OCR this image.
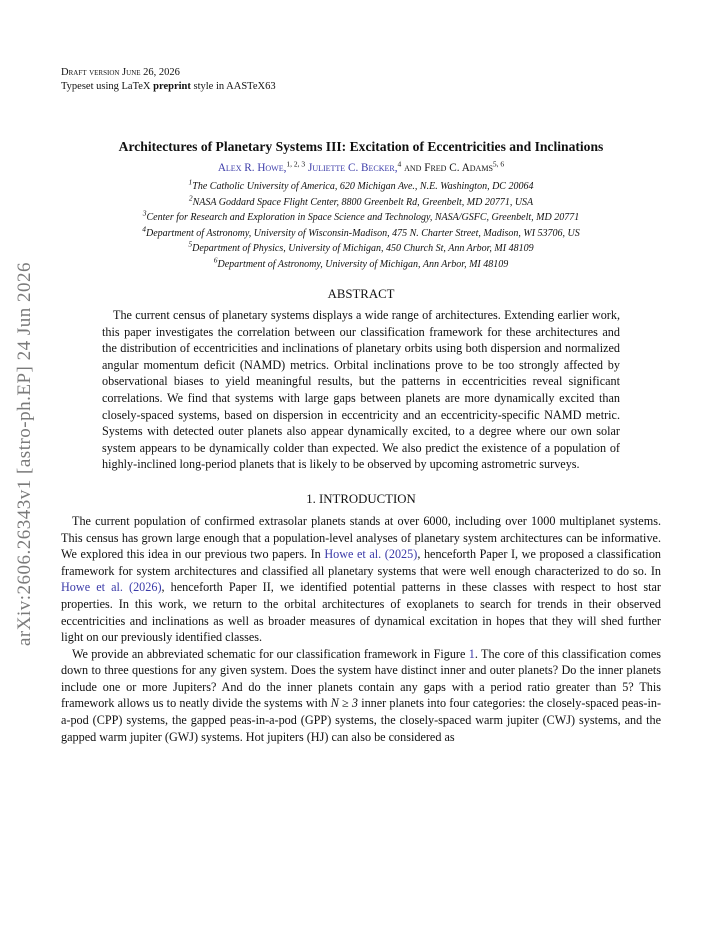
arXiv:2606.26343v1 [astro-ph.EP] 24 Jun 2026
Draft version June 26, 2026
Typeset using LaTeX preprint style in AASTeX63
Architectures of Planetary Systems III: Excitation of Eccentricities and Inclinations
Alex R. Howe,$^{1, 2, 3}$ Juliette C. Becker,$^4$ and Fred C. Adams$^{5, 6}$
$^1$The Catholic University of America, 620 Michigan Ave., N.E. Washington, DC 20064
$^2$NASA Goddard Space Flight Center, 8800 Greenbelt Rd, Greenbelt, MD 20771, USA
$^3$Center for Research and Exploration in Space Science and Technology, NASA/GSFC, Greenbelt, MD 20771
$^4$Department of Astronomy, University of Wisconsin-Madison, 475 N. Charter Street, Madison, WI 53706, US
$^5$Department of Physics, University of Michigan, 450 Church St, Ann Arbor, MI 48109
$^6$Department of Astronomy, University of Michigan, Ann Arbor, MI 48109
ABSTRACT

The current census of planetary systems displays a wide range of architectures. Extending earlier work, this paper investigates the correlation between our classification framework for these architectures and the distribution of eccentricities and inclinations of planetary orbits using both dispersion and normalized angular momentum deficit (NAMD) metrics. Orbital inclinations prove to be too strongly affected by observational biases to yield meaningful results, but the patterns in eccentricities reveal significant correlations. We find that systems with large gaps between planets are more dynamically excited than closely-spaced systems, based on dispersion in eccentricity and an eccentricity-specific NAMD metric. Systems with detected outer planets also appear dynamically excited, to a degree where our own solar system appears to be dynamically colder than expected. We also predict the existence of a population of highly-inclined long-period planets that is likely to be observed by upcoming astrometric surveys.

1. INTRODUCTION

The current population of confirmed extrasolar planets stands at over 6000, including over 1000 multiplanet systems. This census has grown large enough that a population-level analyses of planetary system architectures can be informative. We explored this idea in our previous two papers. In Howe et al. (2025), henceforth Paper I, we proposed a classification framework for system architectures and classified all planetary systems that were well enough characterized to do so. In Howe et al. (2026), henceforth Paper II, we identified potential patterns in these classes with respect to host star properties. In this work, we return to the orbital architectures of exoplanets to search for trends in their observed eccentricities and inclinations as well as broader measures of dynamical excitation in hopes that they will shed further light on our previously identified classes.

We provide an abbreviated schematic for our classification framework in Figure 1. The core of this classification comes down to three questions for any given system. Does the system have distinct inner and outer planets? Do the inner planets include one or more Jupiters? And do the inner planets contain any gaps with a period ratio greater than 5? This framework allows us to neatly divide the systems with N ≥ 3 inner planets into four categories: the closely-spaced peas-in-a-pod (CPP) systems, the gapped peas-in-a-pod (GPP) systems, the closely-spaced warm jupiter (CWJ) systems, and the gapped warm jupiter (GWJ) systems. Hot jupiters (HJ) can also be considered as
